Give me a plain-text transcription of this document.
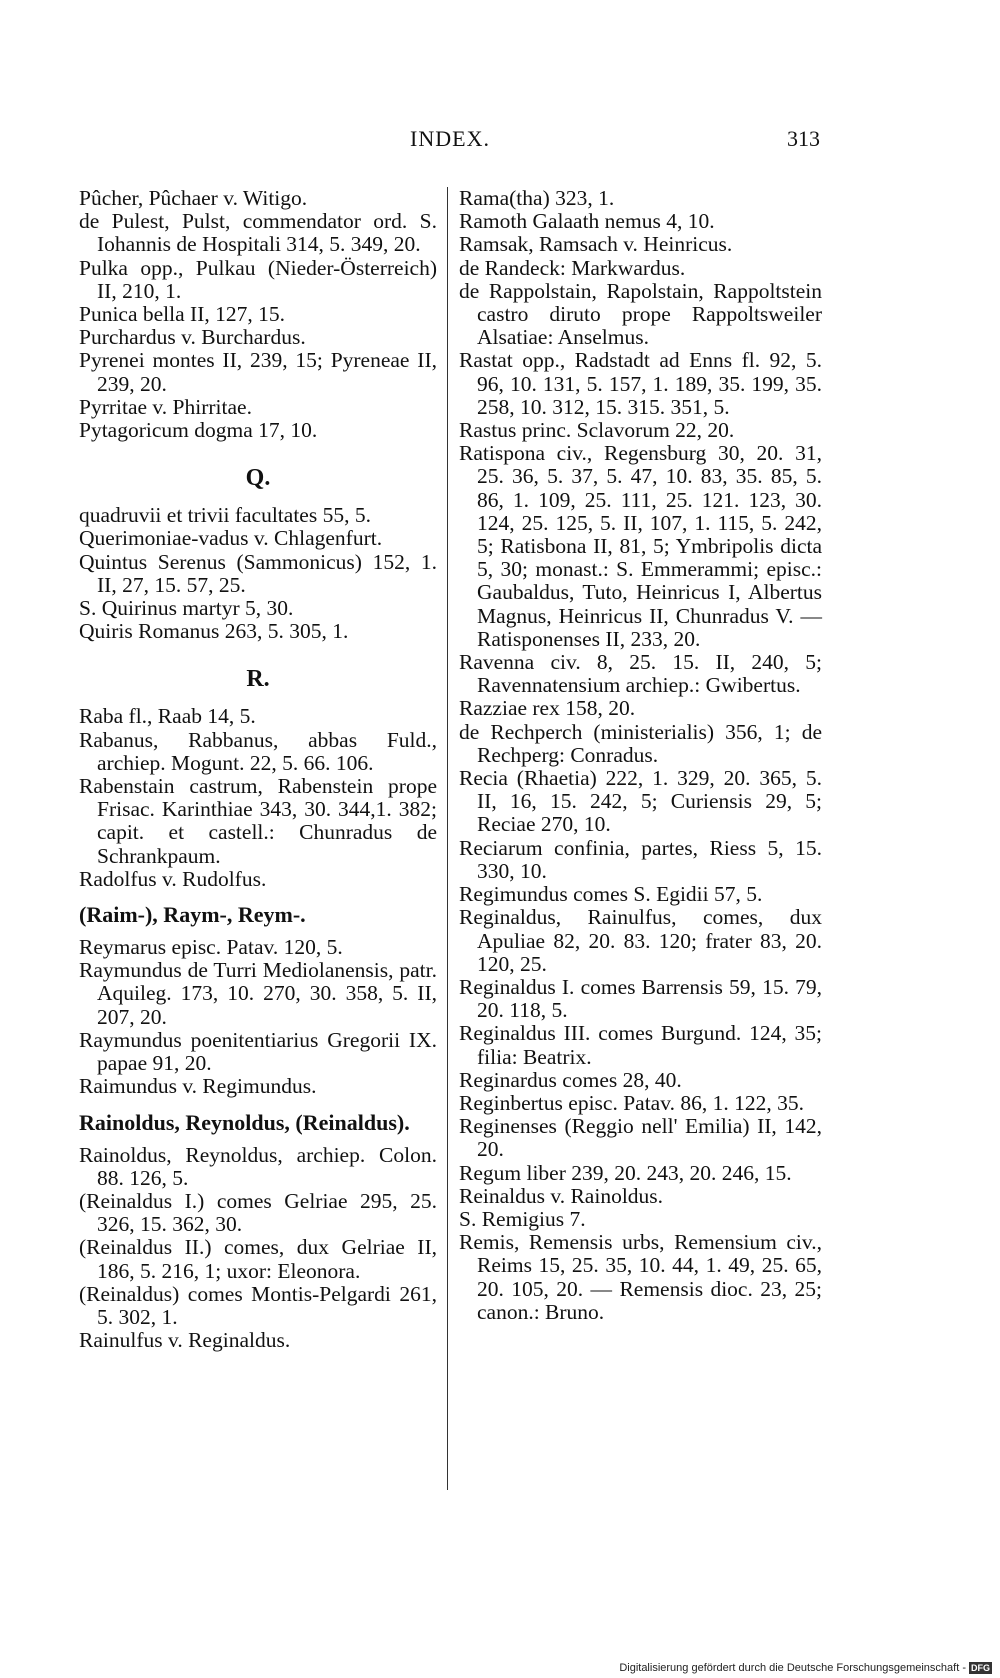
INDEX.	313

Pûcher, Pûchaer v. Witigo.

de Pulest, Pulst, commendator ord. S. Iohannis de Hospitali 314, 5. 349, 20.

Pulka opp., Pulkau (Nieder-Österreich) II, 210, 1.

Punica bella II, 127, 15.

Purchardus v. Burchardus.

Pyrenei montes II, 239, 15; Pyreneae II, 239, 20.

Pyrritae v. Phirritae.

Pytagoricum dogma 17, 10.

Q.

quadruvii et trivii facultates 55, 5.

Querimoniae-vadus v. Chlagenfurt.

Quintus Serenus (Sammonicus) 152, 1. II, 27, 15. 57, 25.

S. Quirinus martyr 5, 30.

Quiris Romanus 263, 5. 305, 1.

R.

Raba fl., Raab 14, 5.

Rabanus, Rabbanus, abbas Fuld., archiep. Mogunt. 22, 5. 66. 106.

Rabenstain castrum, Rabenstein prope Frisac. Karinthiae 343, 30. 344,1. 382; capit. et castell.: Chunradus de Schrankpaum.

Radolfus v. Rudolfus.

(Raim-), Raym-, Reym-.

Reymarus episc. Patav. 120, 5.

Raymundus de Turri Mediolanensis, patr. Aquileg. 173, 10. 270, 30. 358, 5. II, 207, 20.

Raymundus poenitentiarius Gregorii IX. papae 91, 20.

Raimundus v. Regimundus.

Rainoldus, Reynoldus, (Reinaldus).

Rainoldus, Reynoldus, archiep. Colon. 88. 126, 5.

(Reinaldus I.) comes Gelriae 295, 25. 326, 15. 362, 30.

(Reinaldus II.) comes, dux Gelriae II, 186, 5. 216, 1; uxor: Eleonora.

(Reinaldus) comes Montis-Pelgardi 261, 5. 302, 1.

Rainulfus v. Reginaldus.

Rama(tha) 323, 1.

Ramoth Galaath nemus 4, 10.

Ramsak, Ramsach v. Heinricus.

de Randeck: Markwardus.

de Rappolstain, Rapolstain, Rappoltstein castro diruto prope Rappoltsweiler Alsatiae: Anselmus.

Rastat opp., Radstadt ad Enns fl. 92, 5. 96, 10. 131, 5. 157, 1. 189, 35. 199, 35. 258, 10. 312, 15. 315. 351, 5.

Rastus princ. Sclavorum 22, 20.

Ratispona civ., Regensburg 30, 20. 31, 25. 36, 5. 37, 5. 47, 10. 83, 35. 85, 5. 86, 1. 109, 25. 111, 25. 121. 123, 30. 124, 25. 125, 5. II, 107, 1. 115, 5. 242, 5; Ratisbona II, 81, 5; Ymbripolis dicta 5, 30; monast.: S. Emmerammi; episc.: Gaubaldus, Tuto, Heinricus I, Albertus Magnus, Heinricus II, Chunradus V. — Ratisponenses II, 233, 20.

Ravenna civ. 8, 25. 15. II, 240, 5; Ravennatensium archiep.: Gwibertus.

Razziae rex 158, 20.

de Rechperch (ministerialis) 356, 1; de Rechperg: Conradus.

Recia (Rhaetia) 222, 1. 329, 20. 365, 5. II, 16, 15. 242, 5; Curiensis 29, 5; Reciae 270, 10.

Reciarum confinia, partes, Riess 5, 15. 330, 10.

Regimundus comes S. Egidii 57, 5.

Reginaldus, Rainulfus, comes, dux Apuliae 82, 20. 83. 120; frater 83, 20. 120, 25.

Reginaldus I. comes Barrensis 59, 15. 79, 20. 118, 5.

Reginaldus III. comes Burgund. 124, 35; filia: Beatrix.

Reginardus comes 28, 40.

Reginbertus episc. Patav. 86, 1. 122, 35.

Reginenses (Reggio nell' Emilia) II, 142, 20.

Regum liber 239, 20. 243, 20. 246, 15.

Reinaldus v. Rainoldus.

S. Remigius 7.

Remis, Remensis urbs, Remensium civ., Reims 15, 25. 35, 10. 44, 1. 49, 25. 65, 20. 105, 20. — Remensis dioc. 23, 25; canon.: Bruno.

Digitalisierung gefördert durch die Deutsche Forschungsgemeinschaft - DFG
